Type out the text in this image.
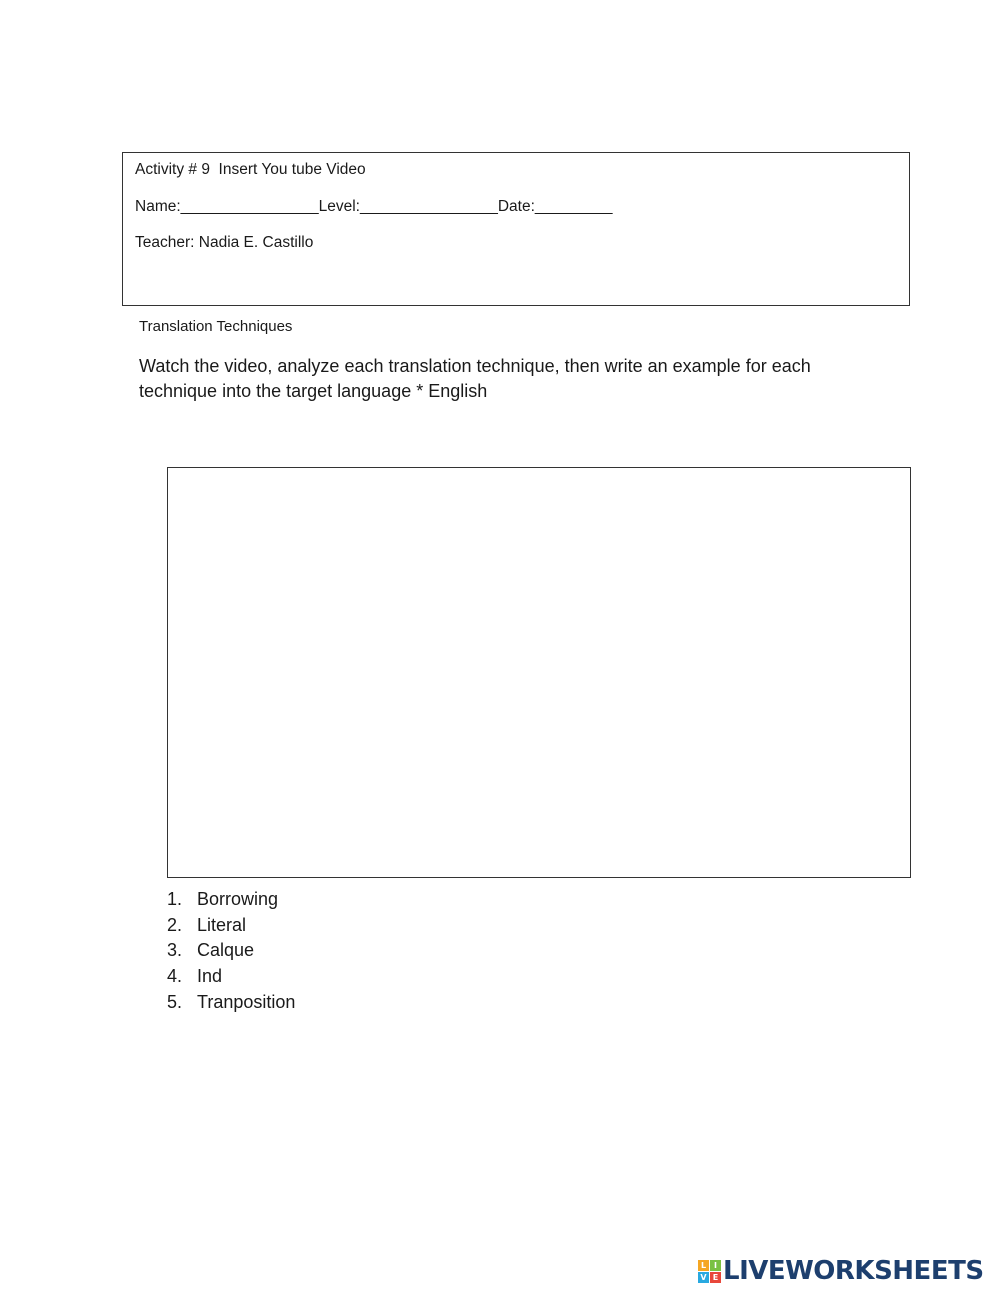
Activity # 9  Insert You tube Video
Name:________________Level:________________Date:_________
Teacher: Nadia E. Castillo
Translation Techniques
Watch the video, analyze each translation technique, then write an example for each technique into the target language * English
1. Borrowing
2. Literal
3. Calque
4. Ind
5. Tranposition
L I
V E LIVEWORKSHEETS
